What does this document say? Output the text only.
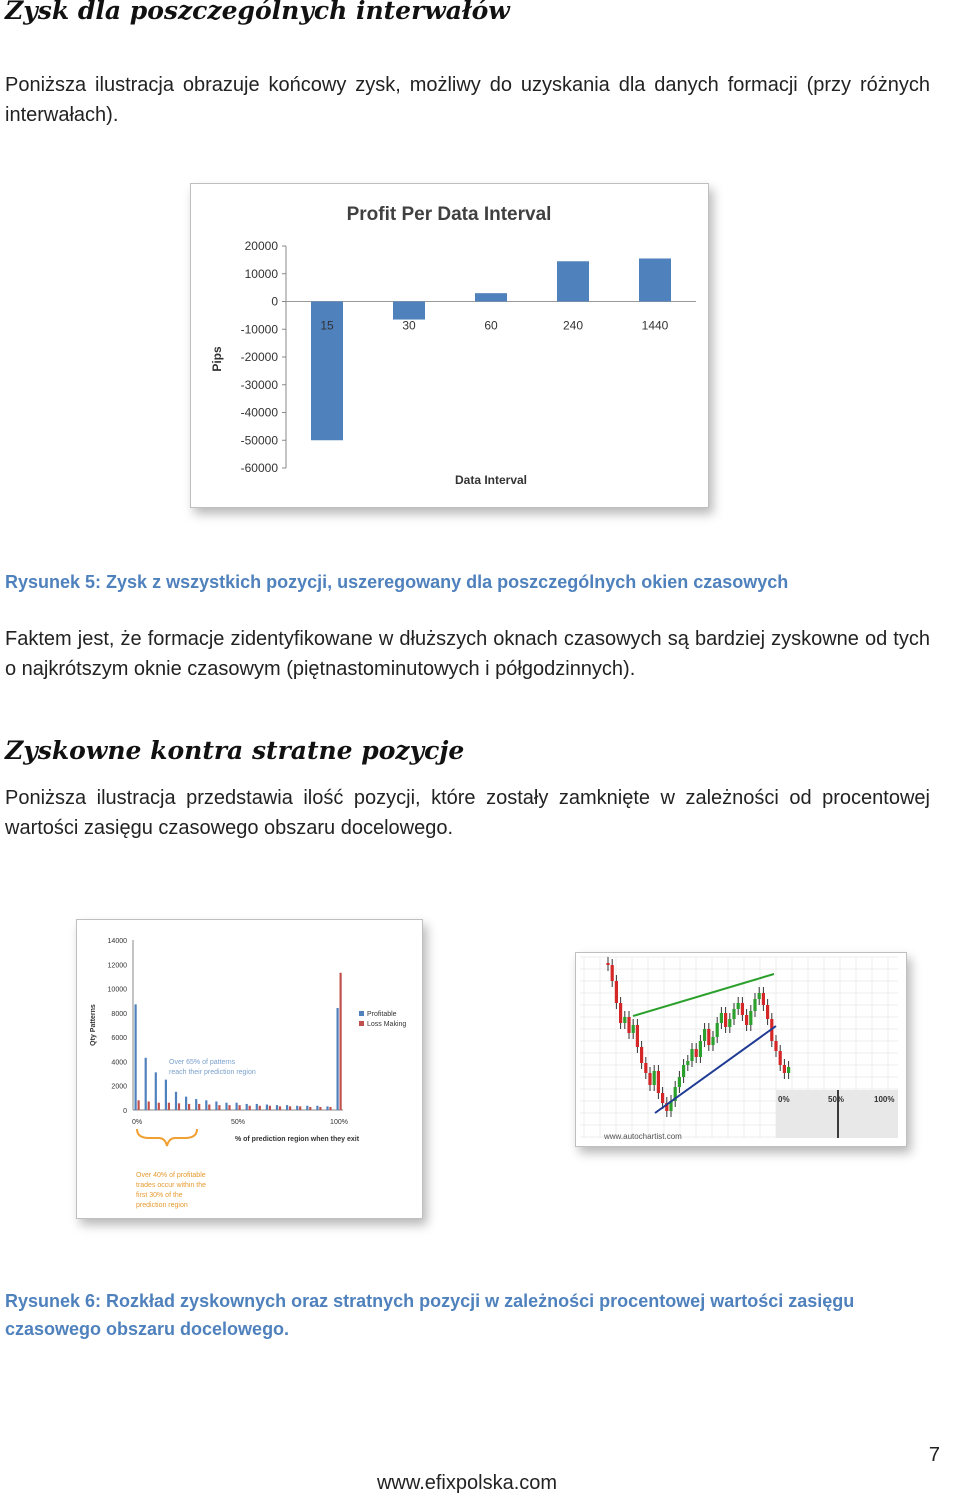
Zysk dla poszczególnych interwałów

Poniższa ilustracja obrazuje końcowy zysk, możliwy do uzyskania dla danych formacji (przy różnych interwałach).

Profit Per Data Interval
Pips
Data Interval
20000
10000
0
-10000
-20000
-30000
-40000
-50000
-60000
15	30	60	240	1440

Rysunek 5: Zysk z wszystkich pozycji, uszeregowany dla poszczególnych okien czasowych

Faktem jest, że formacje zidentyfikowane w dłuższych oknach czasowych są bardziej zyskowne od tych o najkrótszym oknie czasowym (piętnastominutowych i półgodzinnych).

Zyskowne kontra stratne pozycje

Poniższa ilustracja przedstawia ilość pozycji, które zostały zamknięte w zależności od procentowej wartości zasięgu czasowego obszaru docelowego.

Qty Patterns
% of prediction region when they exit
14000
12000
10000
8000
6000
4000
2000
0
0%	50%	100%
Profitable
Loss Making
Over 65% of patterns
reach their prediction region
Over 40% of profitable
trades occur within the
first 30% of the
prediction region
0%	50%	100%
www.autochartist.com

Rysunek 6: Rozkład zyskownych oraz stratnych pozycji w zależności procentowej wartości zasięgu czasowego obszaru docelowego.

7
www.efixpolska.com
